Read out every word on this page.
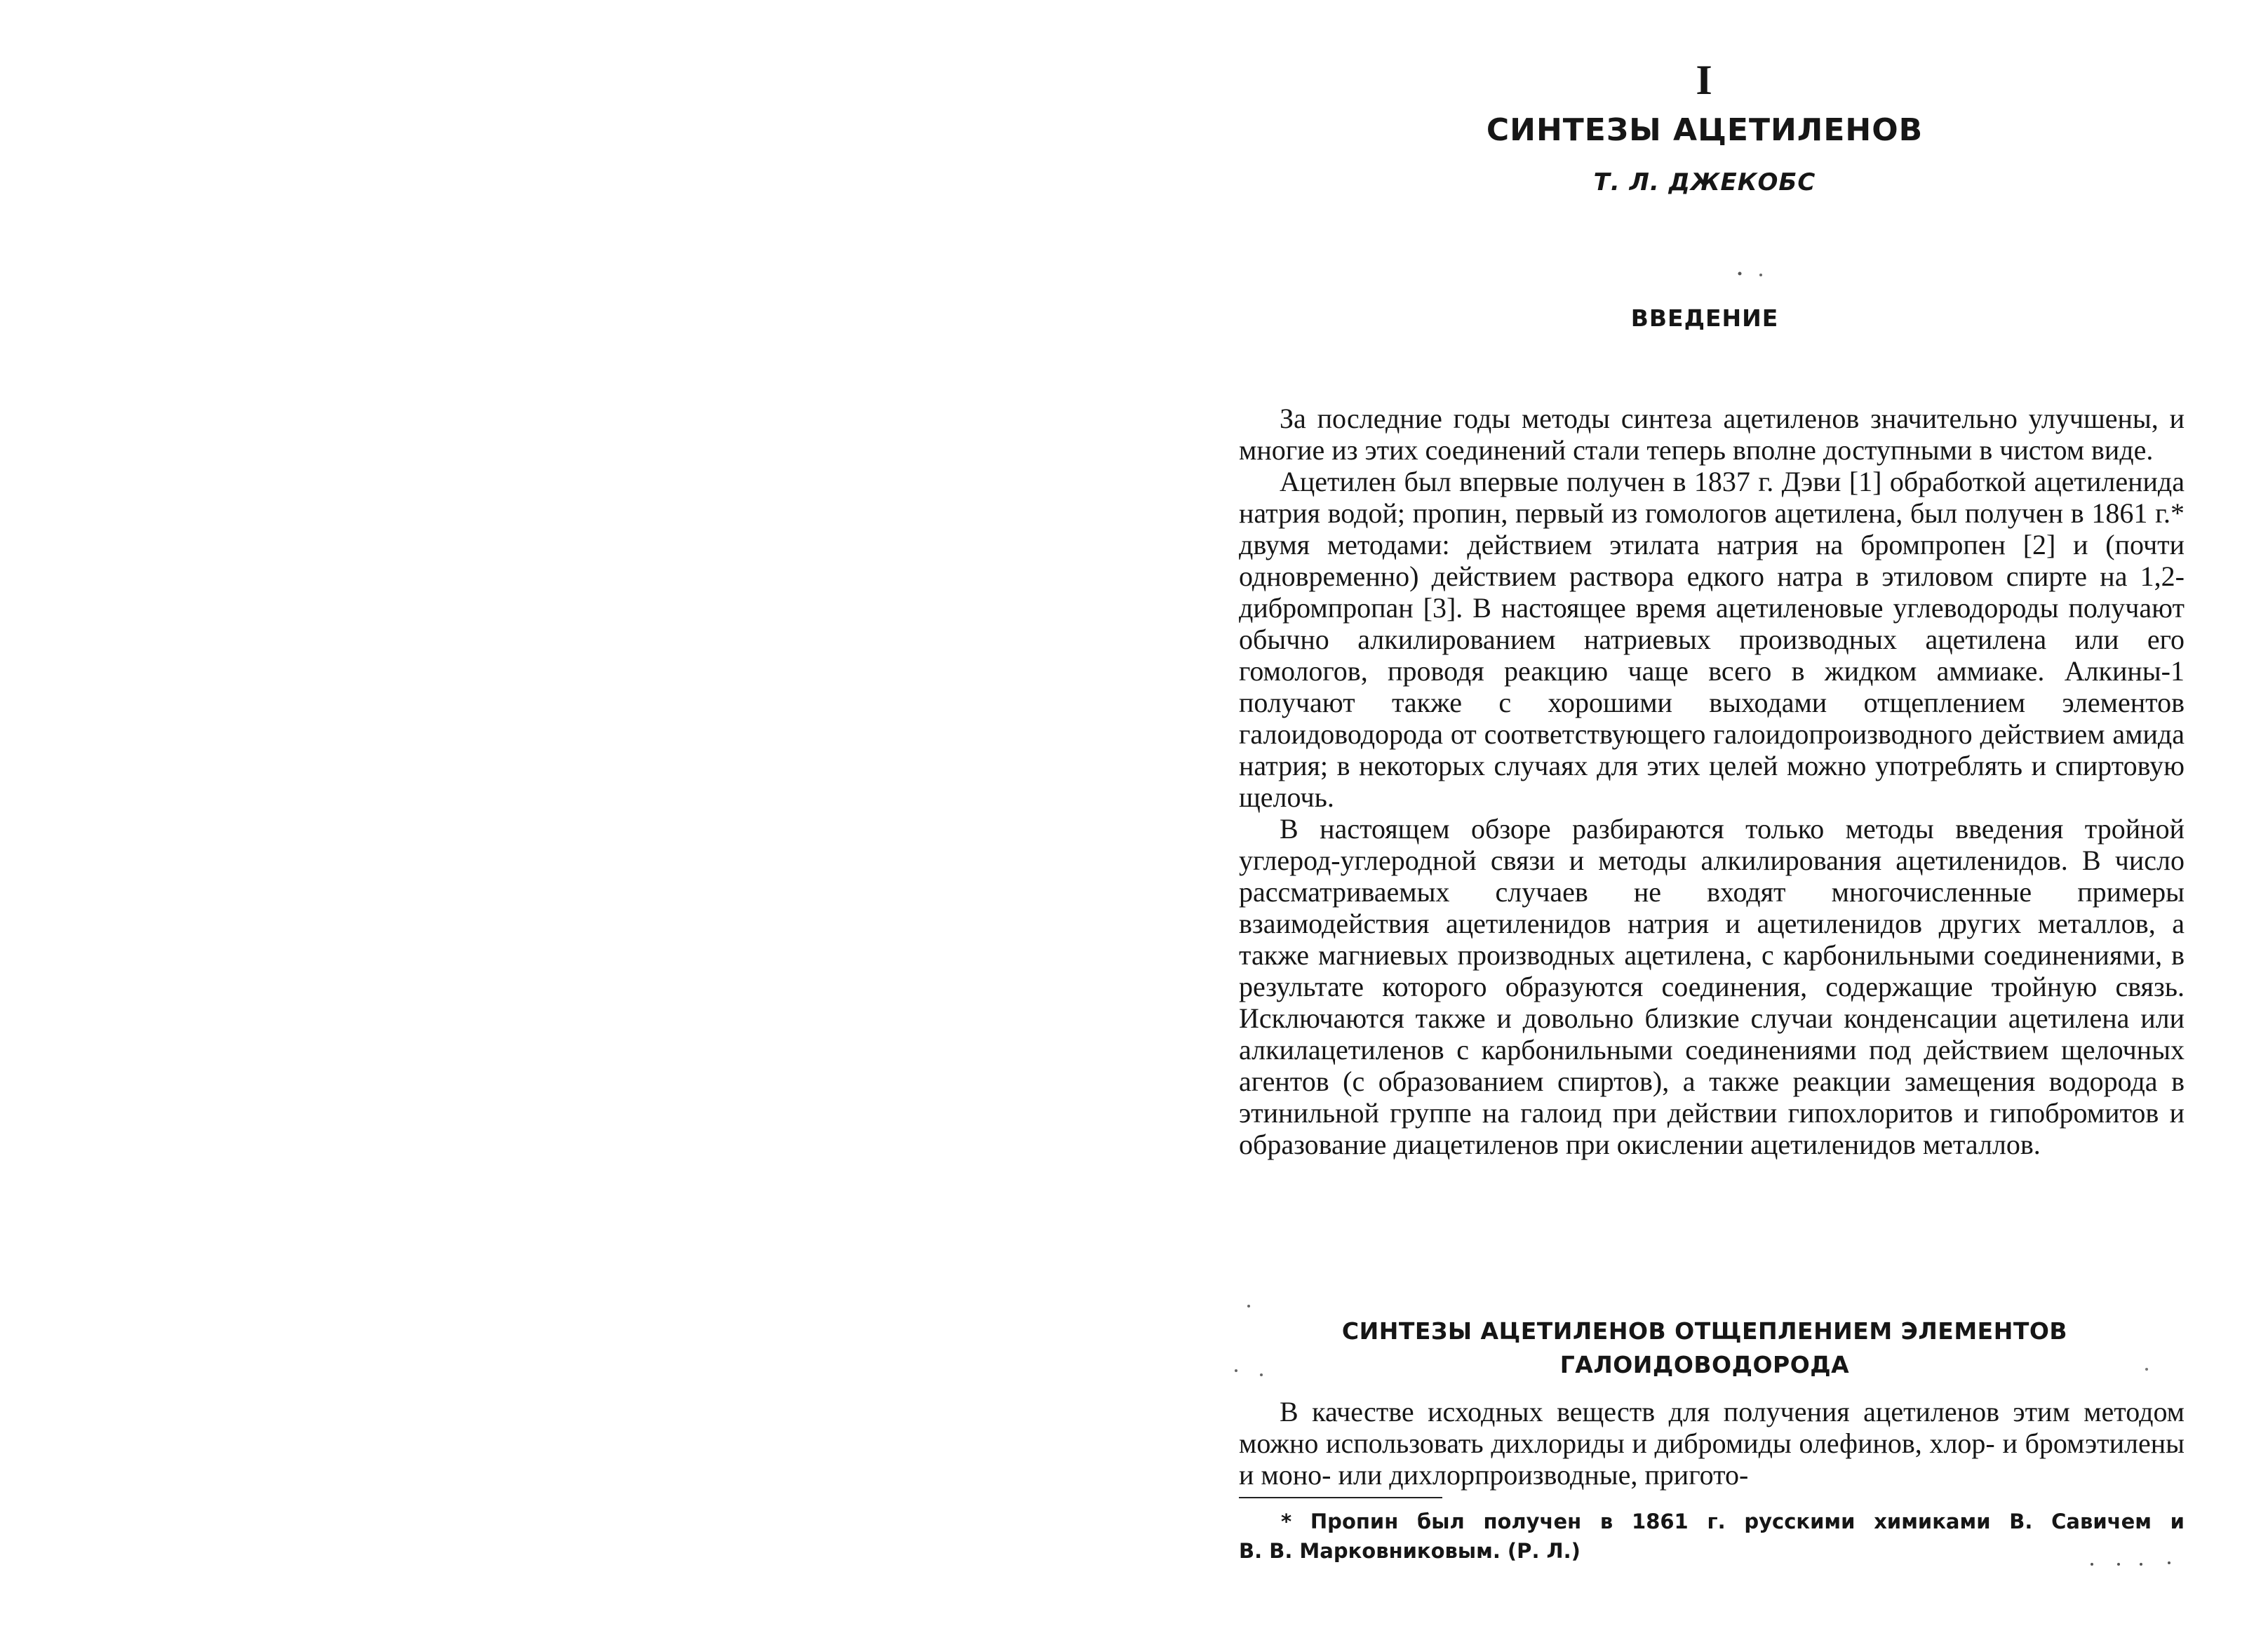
I
СИНТЕЗЫ АЦЕТИЛЕНОВ
Т. Л. ДЖЕКОБС
ВВЕДЕНИЕ

За последние годы методы синтеза ацетиленов значительно улучшены, и многие из этих соединений стали теперь вполне доступными в чистом виде.

Ацетилен был впервые получен в 1837 г. Дэви [1] обработкой ацетиленида натрия водой; пропин, первый из гомологов ацетилена, был получен в 1861 г.* двумя методами: действием этилата натрия на бромпропен [2] и (почти одновременно) действием раствора едкого натра в этиловом спирте на 1,2-дибромпропан [3]. В настоящее время ацетиленовые углеводороды получают обычно алкилированием натриевых производных ацетилена или его гомологов, проводя реакцию чаще всего в жидком аммиаке. Алкины-1 получают также с хорошими выходами отщеплением элементов галоидоводорода от соответствующего галоидопроизводного действием амида натрия; в некоторых случаях для этих целей можно употреблять и спиртовую щелочь.

В настоящем обзоре разбираются только методы введения тройной углерод-углеродной связи и методы алкилирования ацетиленидов. В число рассматриваемых случаев не входят многочисленные примеры взаимодействия ацетиленидов натрия и ацетиленидов других металлов, а также магниевых производных ацетилена, с карбонильными соединениями, в результате которого образуются соединения, содержащие тройную связь. Исключаются также и довольно близкие случаи конденсации ацетилена или алкилацетиленов с карбонильными соединениями под действием щелочных агентов (с образованием спиртов), а также реакции замещения водорода в этинильной группе на галоид при действии гипохлоритов и гипобромитов и образование диацетиленов при окислении ацетиленидов металлов.

СИНТЕЗЫ АЦЕТИЛЕНОВ ОТЩЕПЛЕНИЕМ ЭЛЕМЕНТОВ
ГАЛОИДОВОДОРОДА

В качестве исходных веществ для получения ацетиленов этим методом можно использовать дихлориды и дибромиды олефинов, хлор- и бромэтилены и моно- или дихлорпроизводные, пригото-

* Пропин был получен в 1861 г. русскими химиками В. Савичем и
В. В. Марковниковым. (Р. Л.)
